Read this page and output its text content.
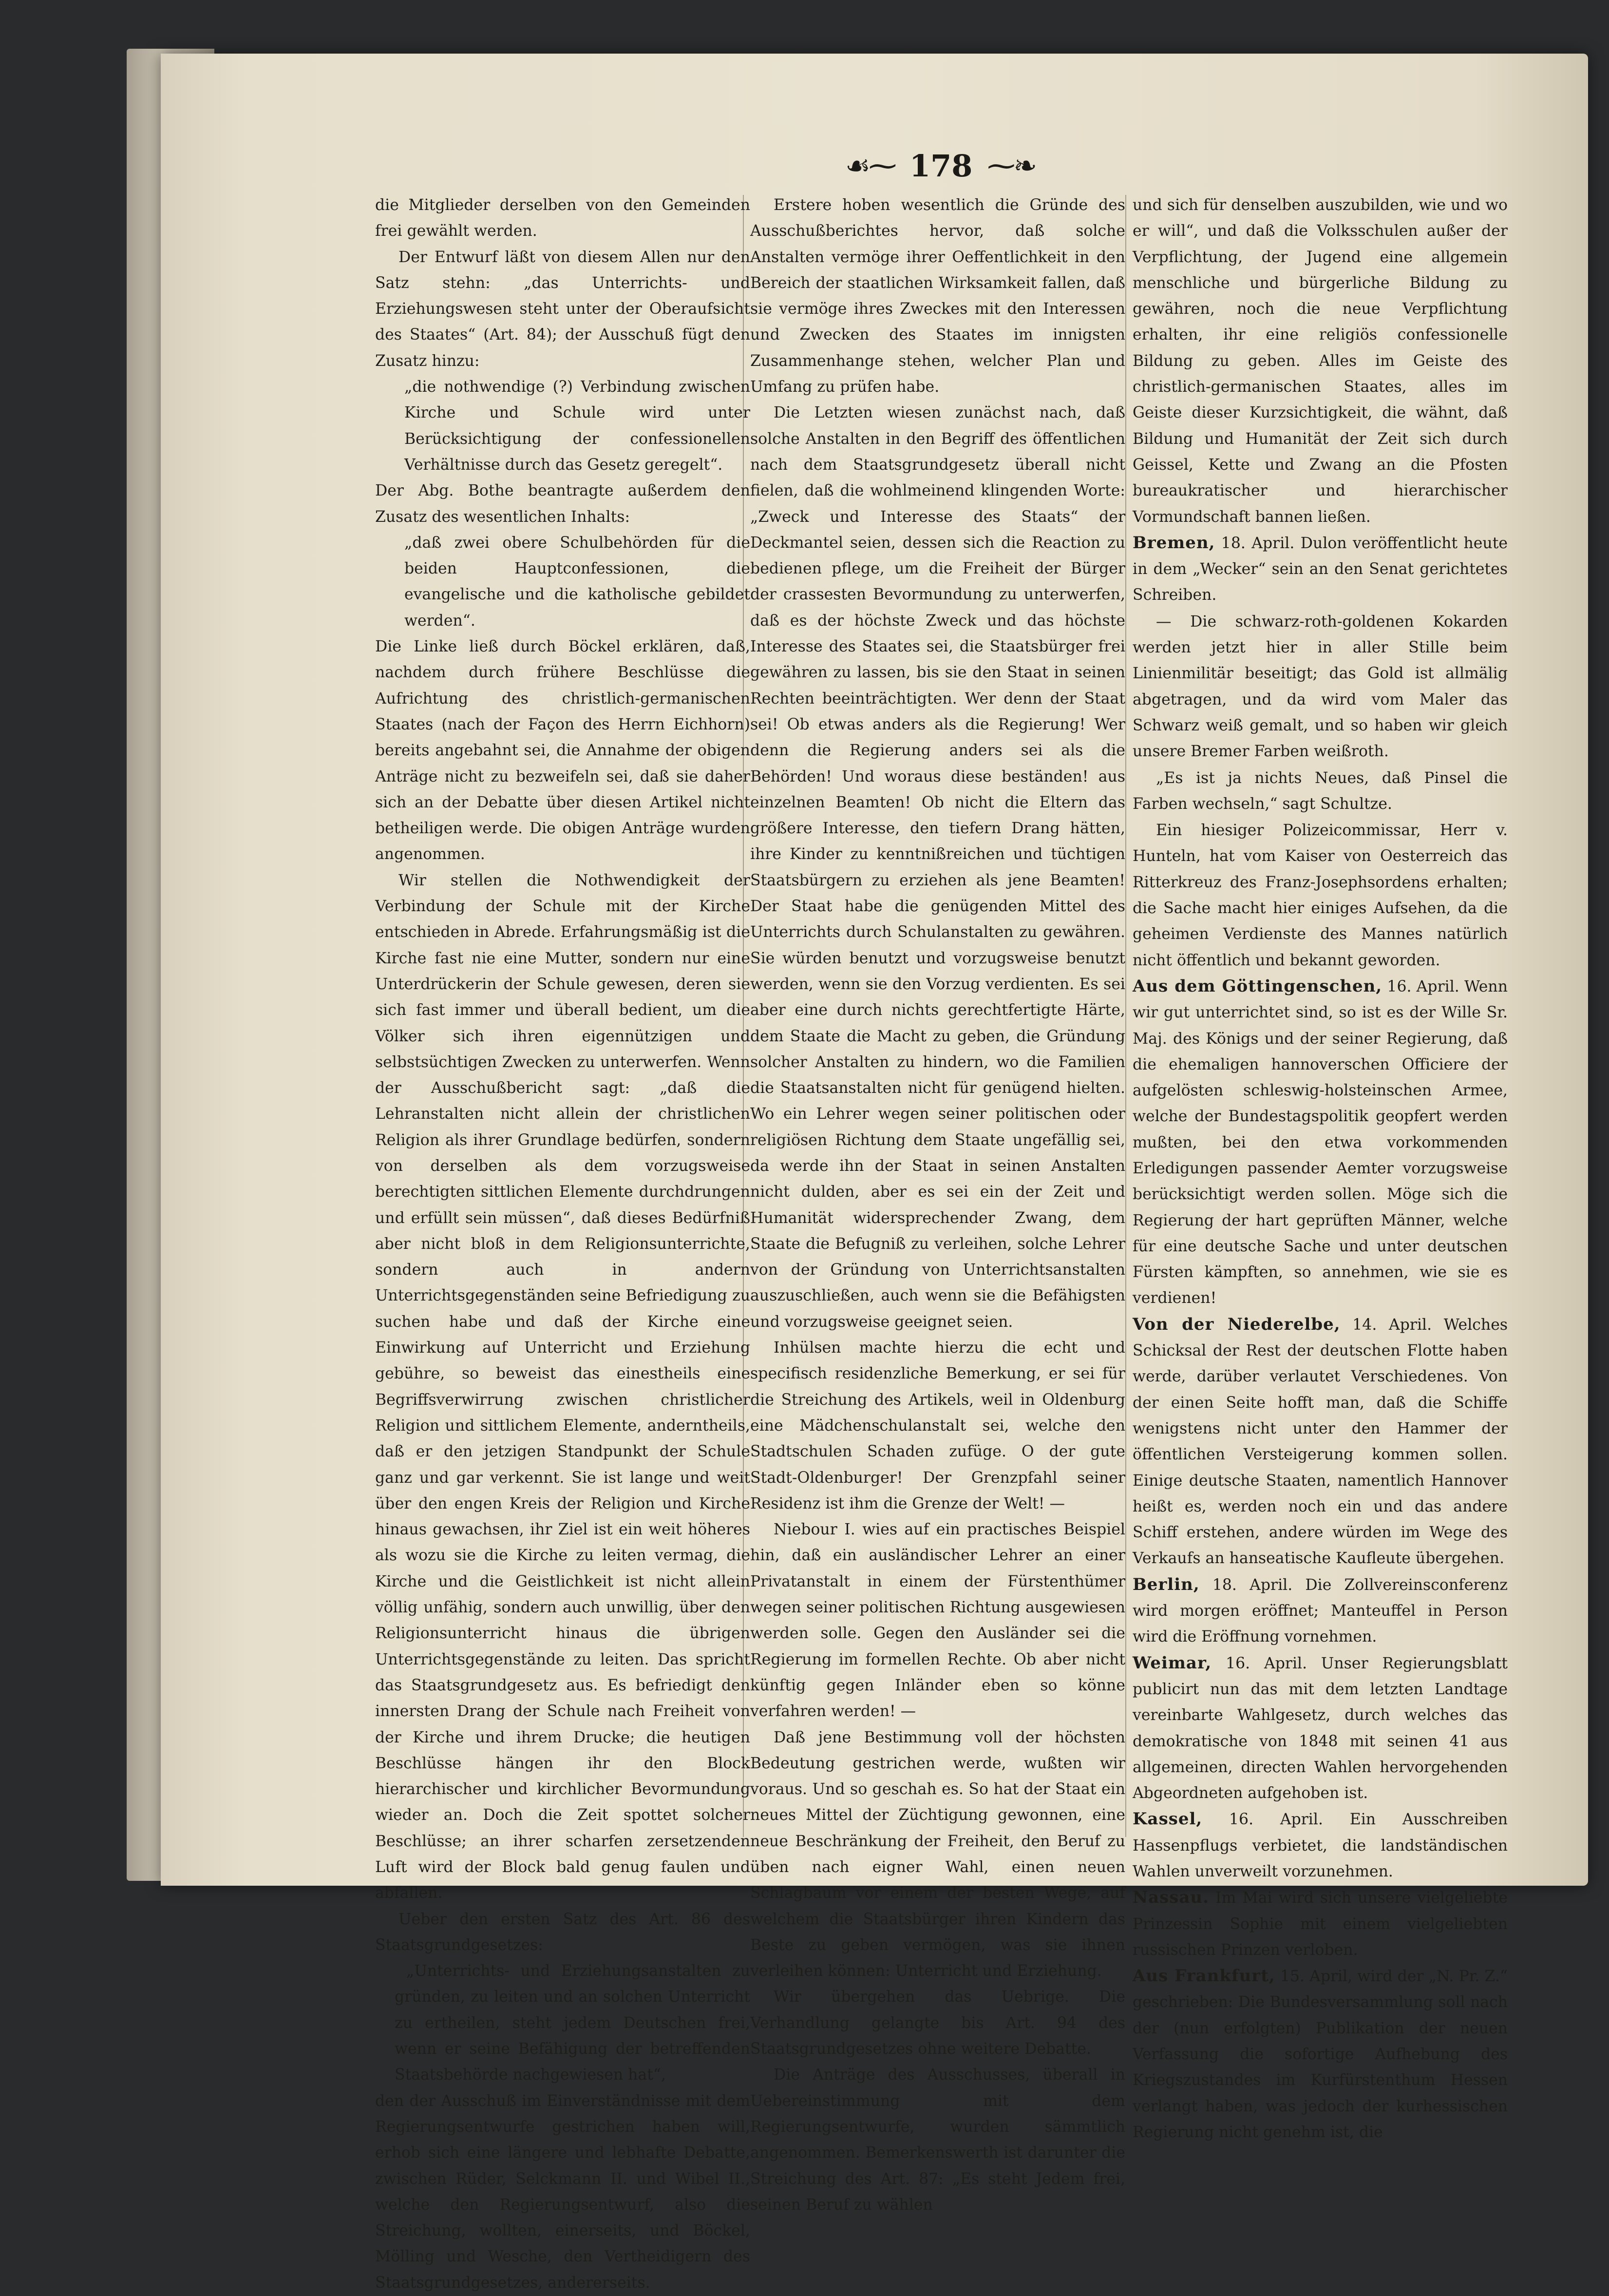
☙⁓ 178 ⁓❧

die Mitglieder derselben von den Gemeinden frei gewählt werden.

Der Entwurf läßt von diesem Allen nur den Satz stehn: „das Unterrichts- und Erziehungswesen steht unter der Oberaufsicht des Staates“ (Art. 84); der Ausschuß fügt den Zusatz hinzu:

„die nothwendige (?) Verbindung zwischen Kirche und Schule wird unter Berücksichtigung der confessionellen Verhältnisse durch das Gesetz geregelt“.

Der Abg. Bothe beantragte außerdem den Zusatz des wesentlichen Inhalts:

„daß zwei obere Schulbehörden für die beiden Hauptconfessionen, die evangelische und die katholische gebildet werden“.

Die Linke ließ durch Böckel erklären, daß, nachdem durch frühere Beschlüsse die Aufrichtung des christlich-germanischen Staates (nach der Façon des Herrn Eichhorn) bereits angebahnt sei, die Annahme der obigen Anträge nicht zu bezweifeln sei, daß sie daher sich an der Debatte über diesen Artikel nicht betheiligen werde. Die obigen Anträge wurden angenommen.

Wir stellen die Nothwendigkeit der Verbindung der Schule mit der Kirche entschieden in Abrede. Erfahrungsmäßig ist die Kirche fast nie eine Mutter, sondern nur eine Unterdrückerin der Schule gewesen, deren sie sich fast immer und überall bedient, um die Völker sich ihren eigennützigen und selbstsüchtigen Zwecken zu unterwerfen. Wenn der Ausschußbericht sagt: „daß die Lehranstalten nicht allein der christlichen Religion als ihrer Grundlage bedürfen, sondern von derselben als dem vorzugsweise berechtigten sittlichen Elemente durchdrungen und erfüllt sein müssen“, daß dieses Bedürfniß aber nicht bloß in dem Religionsunterrichte, sondern auch in andern Unterrichtsgegenständen seine Befriedigung zu suchen habe und daß der Kirche eine Einwirkung auf Unterricht und Erziehung gebühre, so beweist das einestheils eine Begriffsverwirrung zwischen christlicher Religion und sittlichem Elemente, anderntheils, daß er den jetzigen Standpunkt der Schule ganz und gar verkennt. Sie ist lange und weit über den engen Kreis der Religion und Kirche hinaus gewachsen, ihr Ziel ist ein weit höheres als wozu sie die Kirche zu leiten vermag, die Kirche und die Geistlichkeit ist nicht allein völlig unfähig, sondern auch unwillig, über den Religionsunterricht hinaus die übrigen Unterrichtsgegenstände zu leiten. Das spricht das Staatsgrundgesetz aus. Es befriedigt den innersten Drang der Schule nach Freiheit von der Kirche und ihrem Drucke; die heutigen Beschlüsse hängen ihr den Block hierarchischer und kirchlicher Bevormundung wieder an. Doch die Zeit spottet solcher Beschlüsse; an ihrer scharfen zersetzenden Luft wird der Block bald genug faulen und abfallen.

Ueber den ersten Satz des Art. 86 des Staatsgrundgesetzes:

„Unterrichts- und Erziehungsanstalten zu gründen, zu leiten und an solchen Unterricht zu ertheilen, steht jedem Deutschen frei, wenn er seine Befähigung der betreffenden Staatsbehörde nachgewiesen hat“,

den der Ausschuß im Einverständnisse mit dem Regierungsentwurfe gestrichen haben will, erhob sich eine längere und lebhafte Debatte, zwischen Rüder, Selckmann II. und Wibel II., welche den Regierungsentwurf, also die Streichung, wollten, einerseits, und Böckel, Mölling und Wesche, den Vertheidigern des Staatsgrundgesetzes, andererseits.

Erstere hoben wesentlich die Gründe des Ausschußberichtes hervor, daß solche Anstalten vermöge ihrer Oeffentlichkeit in den Bereich der staatlichen Wirksamkeit fallen, daß sie vermöge ihres Zweckes mit den Interessen und Zwecken des Staates im innigsten Zusammenhange stehen, welcher Plan und Umfang zu prüfen habe.

Die Letzten wiesen zunächst nach, daß solche Anstalten in den Begriff des öffentlichen nach dem Staatsgrundgesetz überall nicht fielen, daß die wohlmeinend klingenden Worte: „Zweck und Interesse des Staats“ der Deckmantel seien, dessen sich die Reaction zu bedienen pflege, um die Freiheit der Bürger der crassesten Bevormundung zu unterwerfen, daß es der höchste Zweck und das höchste Interesse des Staates sei, die Staatsbürger frei gewähren zu lassen, bis sie den Staat in seinen Rechten beeinträchtigten. Wer denn der Staat sei! Ob etwas anders als die Regierung! Wer denn die Regierung anders sei als die Behörden! Und woraus diese beständen! aus einzelnen Beamten! Ob nicht die Eltern das größere Interesse, den tiefern Drang hätten, ihre Kinder zu kenntnißreichen und tüchtigen Staatsbürgern zu erziehen als jene Beamten! Der Staat habe die genügenden Mittel des Unterrichts durch Schulanstalten zu gewähren. Sie würden benutzt und vorzugsweise benutzt werden, wenn sie den Vorzug verdienten. Es sei aber eine durch nichts gerechtfertigte Härte, dem Staate die Macht zu geben, die Gründung solcher Anstalten zu hindern, wo die Familien die Staatsanstalten nicht für genügend hielten. Wo ein Lehrer wegen seiner politischen oder religiösen Richtung dem Staate ungefällig sei, da werde ihn der Staat in seinen Anstalten nicht dulden, aber es sei ein der Zeit und Humanität widersprechender Zwang, dem Staate die Befugniß zu verleihen, solche Lehrer von der Gründung von Unterrichtsanstalten auszuschließen, auch wenn sie die Befähigsten und vorzugsweise geeignet seien.

Inhülsen machte hierzu die echt und speciﬁsch residenzliche Bemerkung, er sei für die Streichung des Artikels, weil in Oldenburg eine Mädchenschulanstalt sei, welche den Stadtschulen Schaden zufüge. O der gute Stadt-Oldenburger! Der Grenzpfahl seiner Residenz ist ihm die Grenze der Welt! —

Niebour I. wies auf ein practisches Beispiel hin, daß ein ausländischer Lehrer an einer Privatanstalt in einem der Fürstenthümer wegen seiner politischen Richtung ausgewiesen werden solle. Gegen den Ausländer sei die Regierung im formellen Rechte. Ob aber nicht künftig gegen Inländer eben so könne verfahren werden! —

Daß jene Bestimmung voll der höchsten Bedeutung gestrichen werde, wußten wir voraus. Und so geschah es. So hat der Staat ein neues Mittel der Züchtigung gewonnen, eine neue Beschränkung der Freiheit, den Beruf zu üben nach eigner Wahl, einen neuen Schlagbaum vor einem der besten Wege, auf welchem die Staatsbürger ihren Kindern das Beste zu geben vermögen, was sie ihnen verleihen können: Unterricht und Erziehung.

Wir übergehen das Uebrige. Die Verhandlung gelangte bis Art. 94 des Staatsgrundgesetzes ohne weitere Debatte.

Die Anträge des Ausschusses, überall in Uebereinstimmung mit dem Regierungsentwurfe, wurden sämmtlich angenommen. Bemerkenswerth ist darunter die Streichung des Art. 87: „Es steht Jedem frei, seinen Beruf zu wählen

und sich für denselben auszubilden, wie und wo er will“, und daß die Volksschulen außer der Verpflichtung, der Jugend eine allgemein menschliche und bürgerliche Bildung zu gewähren, noch die neue Verpflichtung erhalten, ihr eine religiös confessionelle Bildung zu geben. Alles im Geiste des christlich-germanischen Staates, alles im Geiste dieser Kurzsichtigkeit, die wähnt, daß Bildung und Humanität der Zeit sich durch Geissel, Kette und Zwang an die Pfosten bureaukratischer und hierarchischer Vormundschaft bannen ließen.

Bremen, 18. April. Dulon veröffentlicht heute in dem „Wecker“ sein an den Senat gerichtetes Schreiben.

— Die schwarz-roth-goldenen Kokarden werden jetzt hier in aller Stille beim Linienmilitär beseitigt; das Gold ist allmälig abgetragen, und da wird vom Maler das Schwarz weiß gemalt, und so haben wir gleich unsere Bremer Farben weißroth.

„Es ist ja nichts Neues, daß Pinsel die Farben wechseln,“ sagt Schultze.

Ein hiesiger Polizeicommissar, Herr v. Hunteln, hat vom Kaiser von Oesterreich das Ritterkreuz des Franz-Josephsordens erhalten; die Sache macht hier einiges Aufsehen, da die geheimen Verdienste des Mannes natürlich nicht öffentlich und bekannt geworden.

Aus dem Göttingenschen, 16. April. Wenn wir gut unterrichtet sind, so ist es der Wille Sr. Maj. des Königs und der seiner Regierung, daß die ehemaligen hannoverschen Officiere der aufgelösten schleswig-holsteinschen Armee, welche der Bundestagspolitik geopfert werden mußten, bei den etwa vorkommenden Erledigungen passender Aemter vorzugsweise berücksichtigt werden sollen. Möge sich die Regierung der hart geprüften Männer, welche für eine deutsche Sache und unter deutschen Fürsten kämpften, so annehmen, wie sie es verdienen!

Von der Niederelbe, 14. April. Welches Schicksal der Rest der deutschen Flotte haben werde, darüber verlautet Verschiedenes. Von der einen Seite hofft man, daß die Schiffe wenigstens nicht unter den Hammer der öffentlichen Versteigerung kommen sollen. Einige deutsche Staaten, namentlich Hannover heißt es, werden noch ein und das andere Schiff erstehen, andere würden im Wege des Verkaufs an hanseatische Kaufleute übergehen.

Berlin, 18. April. Die Zollvereinsconferenz wird morgen eröffnet; Manteuffel in Person wird die Eröffnung vornehmen.

Weimar, 16. April. Unser Regierungsblatt publicirt nun das mit dem letzten Landtage vereinbarte Wahlgesetz, durch welches das demokratische von 1848 mit seinen 41 aus allgemeinen, directen Wahlen hervorgehenden Abgeordneten aufgehoben ist.

Kassel, 16. April. Ein Ausschreiben Hassenpflugs verbietet, die landständischen Wahlen unverweilt vorzunehmen.

Nassau. Im Mai wird sich unsere vielgeliebte Prinzessin Sophie mit einem vielgeliebten russischen Prinzen verloben.

Aus Frankfurt, 15. April, wird der „N. Pr. Z.“ geschrieben: Die Bundesversammlung soll nach der (nun erfolgten) Publikation der neuen Verfassung die sofortige Aufhebung des Kriegszustandes im Kurfürstenthum Hessen verlangt haben, was jedoch der kurhessischen Regierung nicht genehm ist, die
